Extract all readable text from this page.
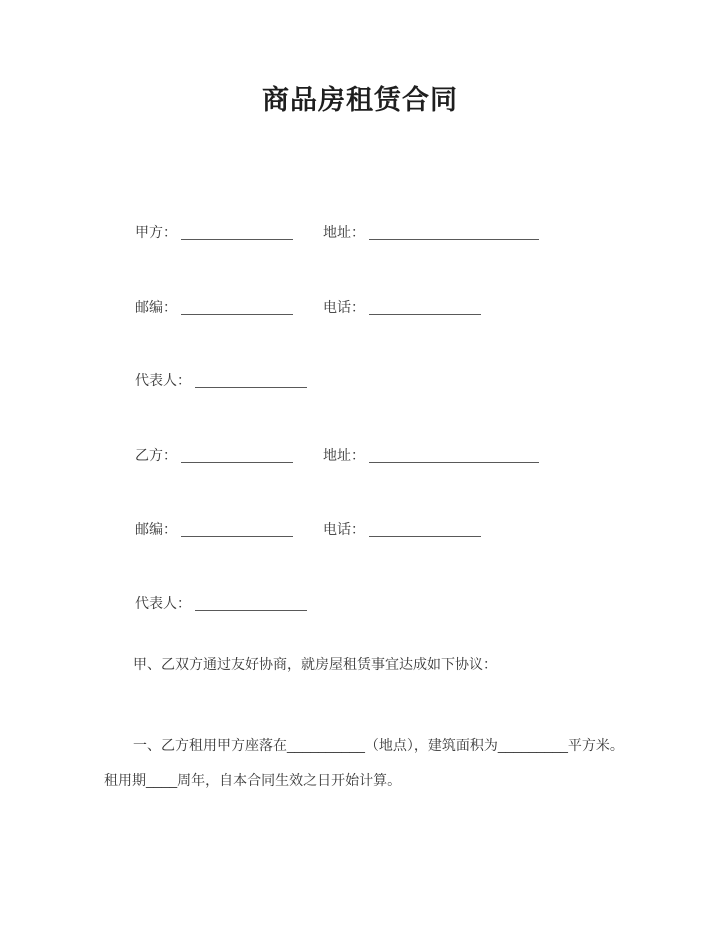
商品房租赁合同
甲方：	地址：
邮编：	电话：
代表人：
乙方：	地址：
邮编：	电话：
代表人：
甲、乙双方通过友好协商，就房屋租赁事宜达成如下协议：
一、乙方租用甲方座落在__________（地点），建筑面积为_________平方米。
租用期____周年，自本合同生效之日开始计算。
